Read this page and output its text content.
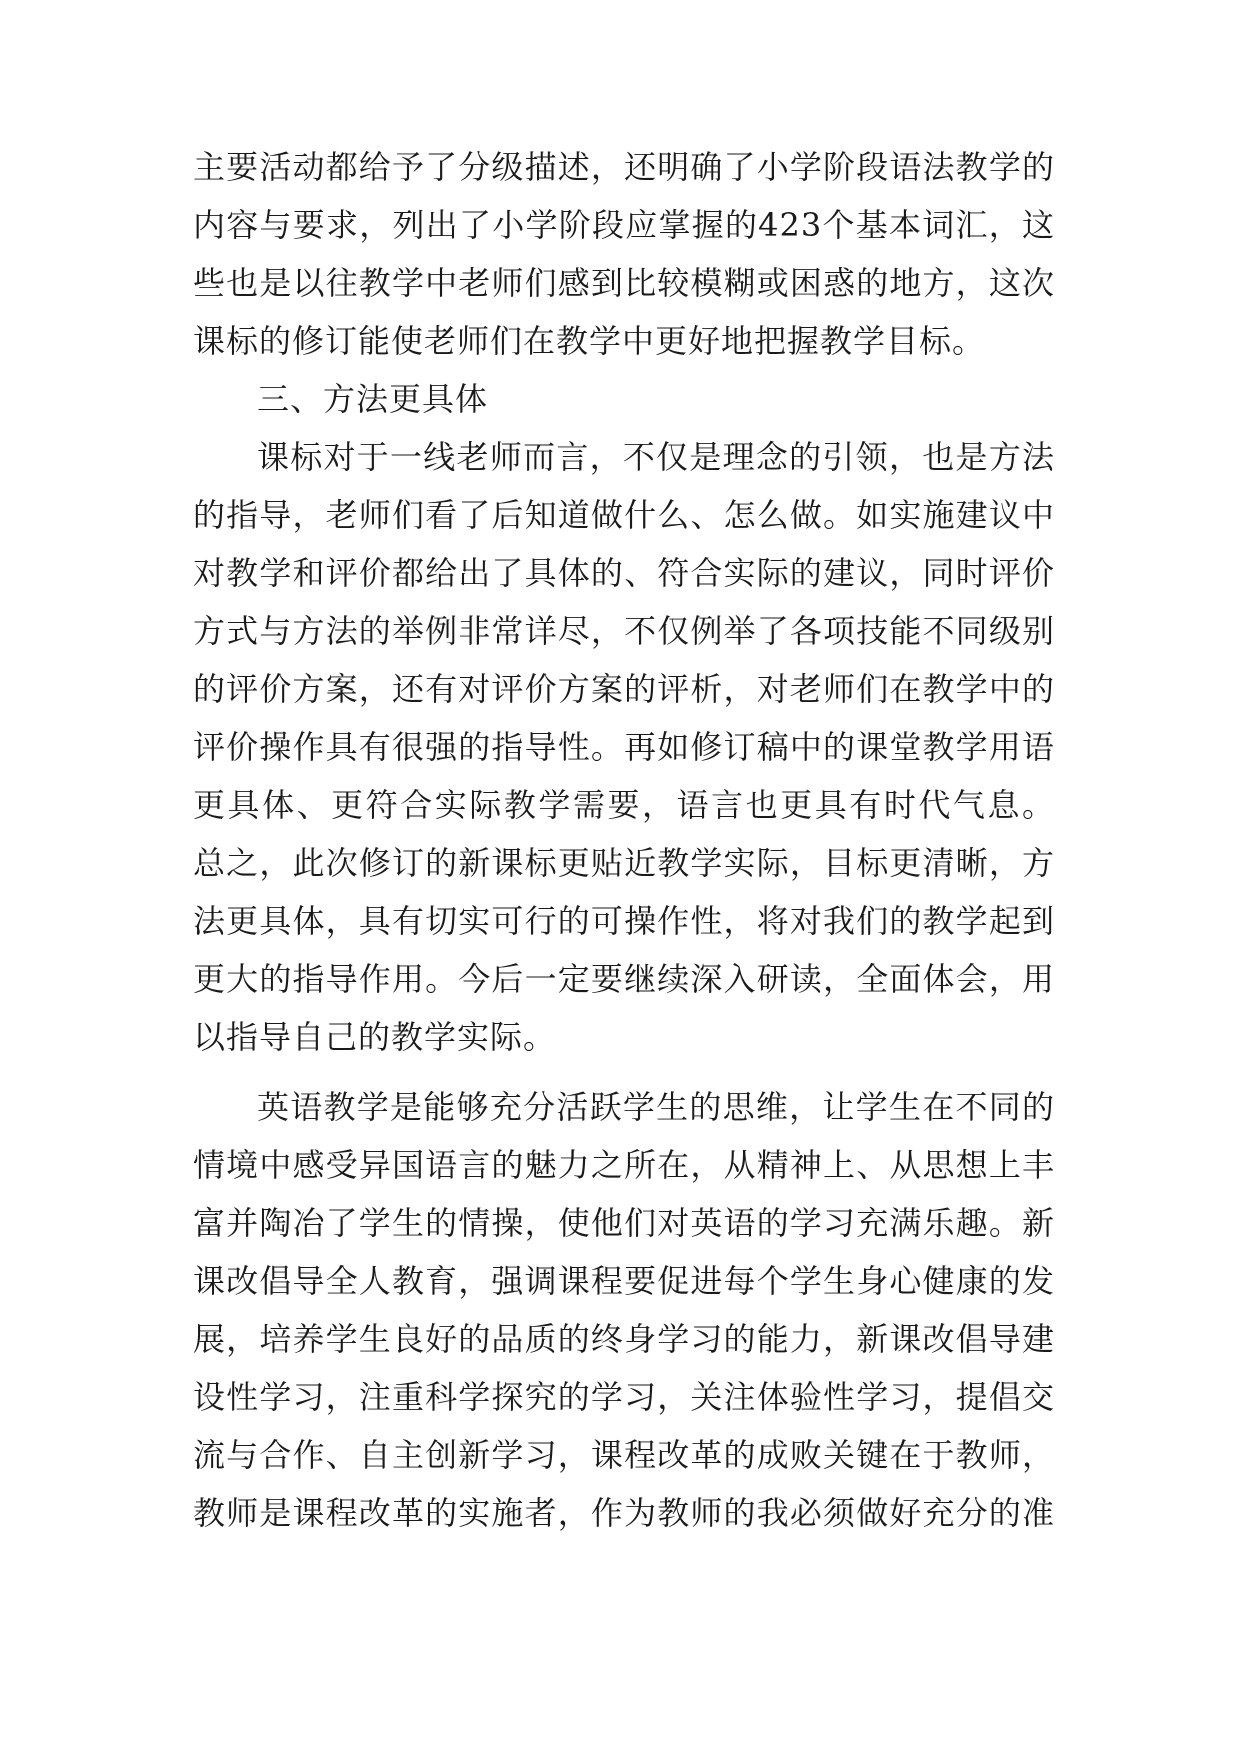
主要活动都给予了分级描述，还明确了小学阶段语法教学的
内容与要求，列出了小学阶段应掌握的423个基本词汇，这
些也是以往教学中老师们感到比较模糊或困惑的地方，这次
课标的修订能使老师们在教学中更好地把握教学目标。
三、方法更具体
课标对于一线老师而言，不仅是理念的引领，也是方法
的指导，老师们看了后知道做什么、怎么做。如实施建议中
对教学和评价都给出了具体的、符合实际的建议，同时评价
方式与方法的举例非常详尽，不仅例举了各项技能不同级别
的评价方案，还有对评价方案的评析，对老师们在教学中的
评价操作具有很强的指导性。再如修订稿中的课堂教学用语
更具体、更符合实际教学需要，语言也更具有时代气息。
总之，此次修订的新课标更贴近教学实际，目标更清晰，方
法更具体，具有切实可行的可操作性，将对我们的教学起到
更大的指导作用。今后一定要继续深入研读，全面体会，用
以指导自己的教学实际。
英语教学是能够充分活跃学生的思维，让学生在不同的
情境中感受异国语言的魅力之所在，从精神上、从思想上丰
富并陶冶了学生的情操，使他们对英语的学习充满乐趣。新
课改倡导全人教育，强调课程要促进每个学生身心健康的发
展，培养学生良好的品质的终身学习的能力，新课改倡导建
设性学习，注重科学探究的学习，关注体验性学习，提倡交
流与合作、自主创新学习，课程改革的成败关键在于教师，
教师是课程改革的实施者，作为教师的我必须做好充分的准
